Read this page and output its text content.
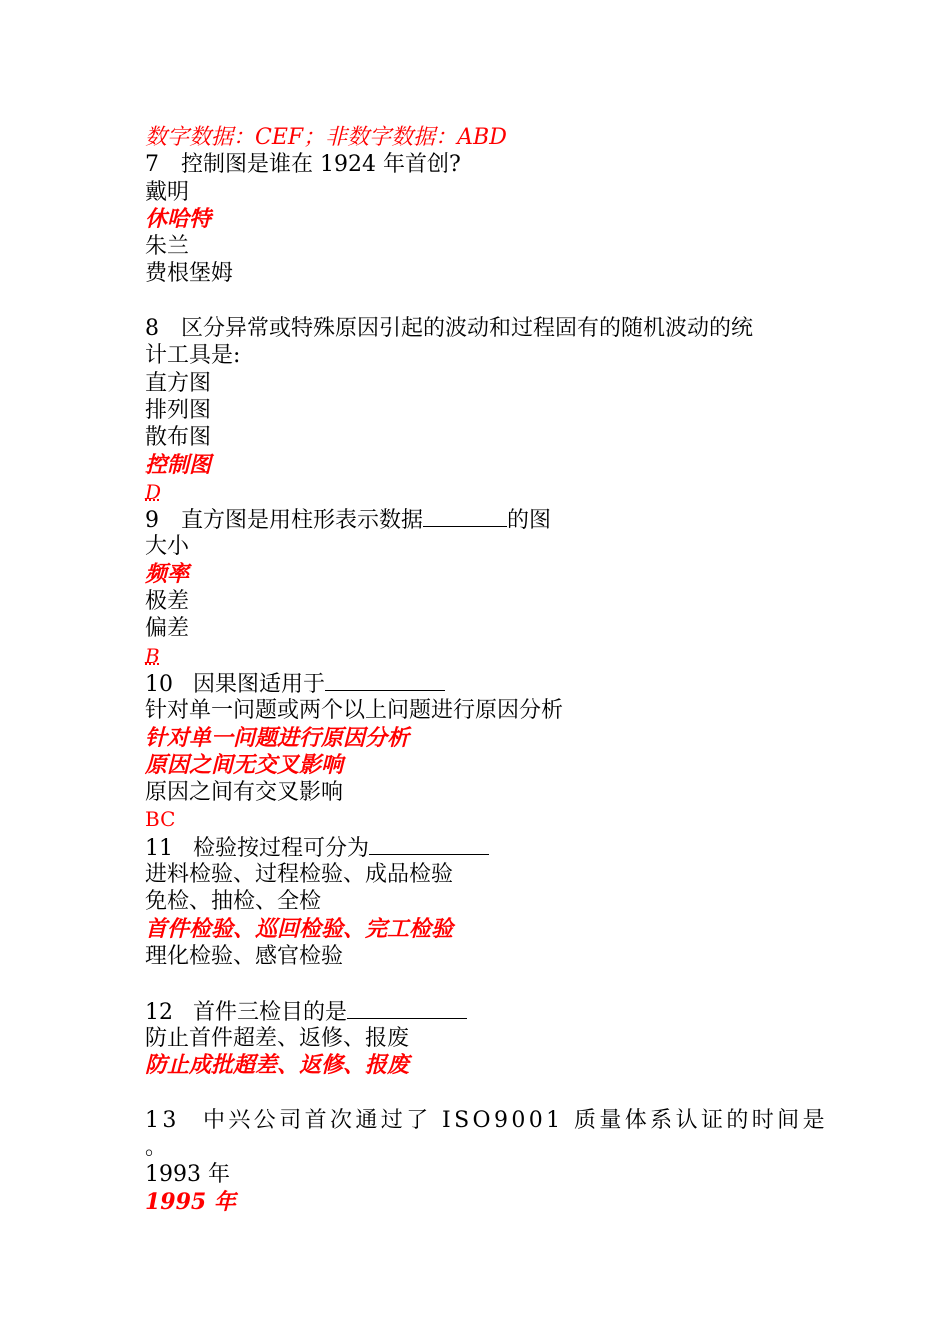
数字数据：CEF；非数字数据：ABD
7 控制图是谁在 1924 年首创?
戴明
休哈特
朱兰
费根堡姆
8 区分异常或特殊原因引起的波动和过程固有的随机波动的统
计工具是:
直方图
排列图
散布图
控制图
D
9 直方图是用柱形表示数据	的图
大小
频率
极差
偏差
B
10 因果图适用于
针对单一问题或两个以上问题进行原因分析
针对单一问题进行原因分析
原因之间无交叉影响
原因之间有交叉影响
BC
11 检验按过程可分为
进料检验、过程检验、成品检验
免检、抽检、全检
首件检验、巡回检验、完工检验
理化检验、感官检验
12 首件三检目的是
防止首件超差、返修、报废
防止成批超差、返修、报废
13 中兴公司首次通过了 ISO9001 质量体系认证的时间是
。
1993 年
1995 年
